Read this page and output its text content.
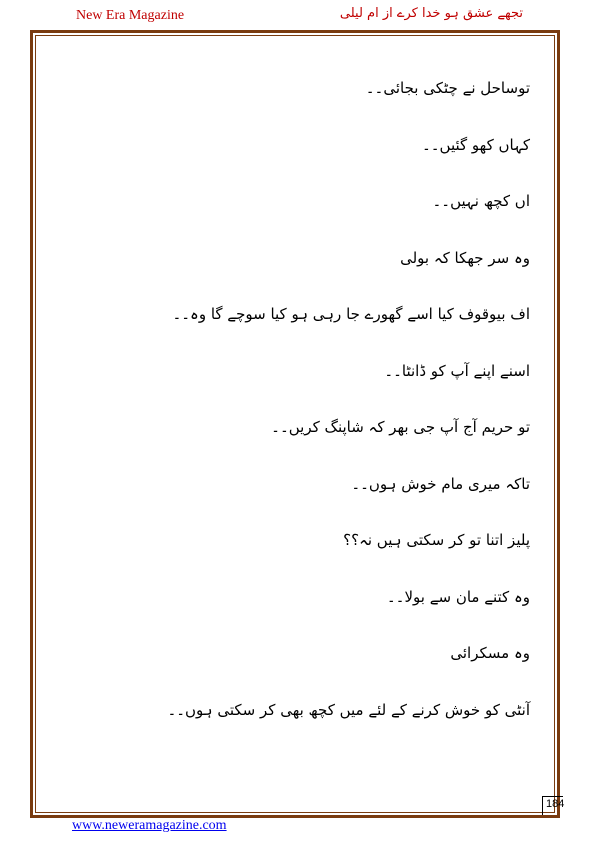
New Era Magazine	تجھے عشق ہو خدا کرے از ام لیلی
توساحل نے چٹکی بجائی۔۔
کہاں کھو گئیں۔۔
اں کچھ نہیں۔۔
وہ سر جھکا کہ بولی
اف بیوقوف کیا اسے گھورے جا رہی ہو کیا سوچے گا وہ۔۔
اسنے اپنے آپ کو ڈانٹا۔۔
تو حریم آج آپ جی بھر کہ شاپنگ کریں۔۔
تاکہ میری مام خوش ہوں۔۔
پلیز اتنا تو کر سکتی ہیں نہ؟؟
وہ کتنے مان سے بولا۔۔
وہ مسکرائی
آنٹی کو خوش کرنے کے لئے میں کچھ بھی کر سکتی ہوں۔۔
184
www.neweramagazine.com
